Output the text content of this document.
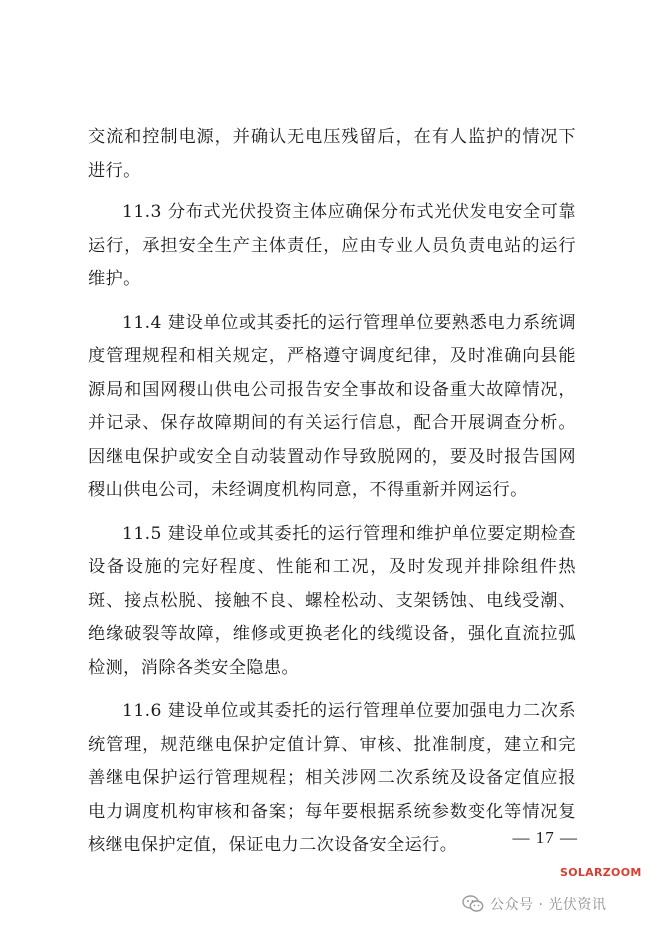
交流和控制电源，并确认无电压残留后，在有人监护的情况下进行。

11.3 分布式光伏投资主体应确保分布式光伏发电安全可靠运行，承担安全生产主体责任，应由专业人员负责电站的运行维护。

11.4 建设单位或其委托的运行管理单位要熟悉电力系统调度管理规程和相关规定，严格遵守调度纪律，及时准确向县能源局和国网稷山供电公司报告安全事故和设备重大故障情况，并记录、保存故障期间的有关运行信息，配合开展调查分析。因继电保护或安全自动装置动作导致脱网的，要及时报告国网稷山供电公司，未经调度机构同意，不得重新并网运行。

11.5 建设单位或其委托的运行管理和维护单位要定期检查设备设施的完好程度、性能和工况，及时发现并排除组件热斑、接点松脱、接触不良、螺栓松动、支架锈蚀、电线受潮、绝缘破裂等故障，维修或更换老化的线缆设备，强化直流拉弧检测，消除各类安全隐患。

11.6 建设单位或其委托的运行管理单位要加强电力二次系统管理，规范继电保护定值计算、审核、批准制度，建立和完善继电保护运行管理规程；相关涉网二次系统及设备定值应报电力调度机构审核和备案；每年要根据系统参数变化等情况复核继电保护定值，保证电力二次设备安全运行。	— 17 —
SOLARZOOM
公众号 · 光伏资讯
